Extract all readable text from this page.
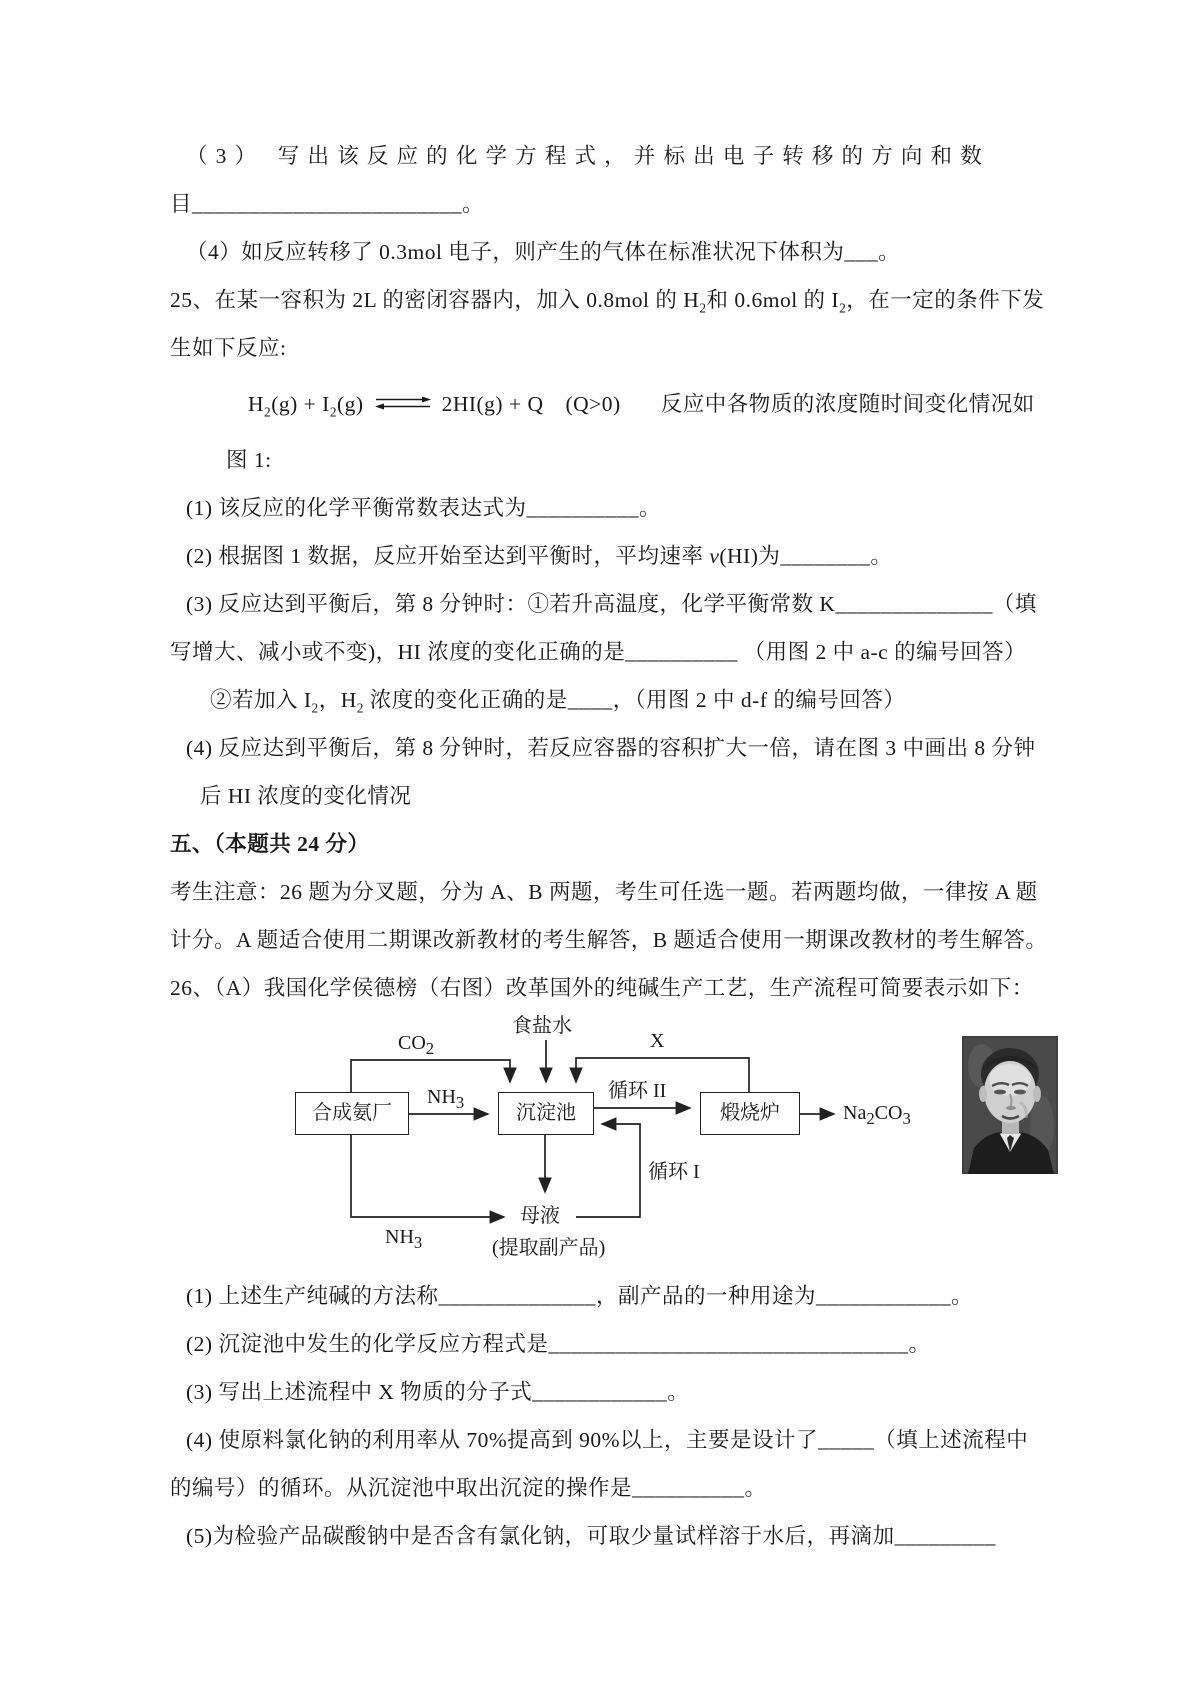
（3） 写出该反应的化学方程式，并标出电子转移的方向和数

目________________________。

（4）如反应转移了 0.3mol 电子，则产生的气体在标准状况下体积为___。

25、在某一容积为 2L 的密闭容器内，加入 0.8mol 的 $H_2$和 0.6mol 的 $I_2$，在一定的条件下发

生如下反应:

$H_2(g) + I_2(g)$	2HI(g) + Q　(Q>0) 反应中各物质的浓度随时间变化情况如

图 1:

(1) 该反应的化学平衡常数表达式为__________。

(2) 根据图 1 数据，反应开始至达到平衡时，平均速率 v(HI)为________。

(3) 反应达到平衡后，第 8 分钟时：①若升高温度，化学平衡常数 K______________（填

写增大、减小或不变)，HI 浓度的变化正确的是__________ （用图 2 中 a-c 的编号回答）

②若加入 $I_2$，$H_2$ 浓度的变化正确的是____，（用图 2 中 d-f 的编号回答）

(4) 反应达到平衡后，第 8 分钟时，若反应容器的容积扩大一倍，请在图 3 中画出 8 分钟

后 HI 浓度的变化情况

五、（本题共 24 分）

考生注意：26 题为分叉题，分为 A、B 两题，考生可任选一题。若两题均做，一律按 A 题

计分。A 题适合使用二期课改新教材的考生解答，B 题适合使用一期课改教材的考生解答。

26、（A）我国化学侯德榜（右图）改革国外的纯碱生产工艺，生产流程可简要表示如下：

合成氨厂	沉淀池	煅烧炉
食盐水
$CO_2$	X
$NH_3$
循环 II
$Na_2CO_3$
循环 I
母液
$NH_3$	(提取副产品)

(1) 上述生产纯碱的方法称______________，副产品的一种用途为____________。

(2) 沉淀池中发生的化学反应方程式是________________________________。

(3) 写出上述流程中 X 物质的分子式____________。

(4) 使原料氯化钠的利用率从 70%提高到 90%以上，主要是设计了_____（填上述流程中

的编号）的循环。从沉淀池中取出沉淀的操作是__________。

(5)为检验产品碳酸钠中是否含有氯化钠，可取少量试样溶于水后，再滴加_________
